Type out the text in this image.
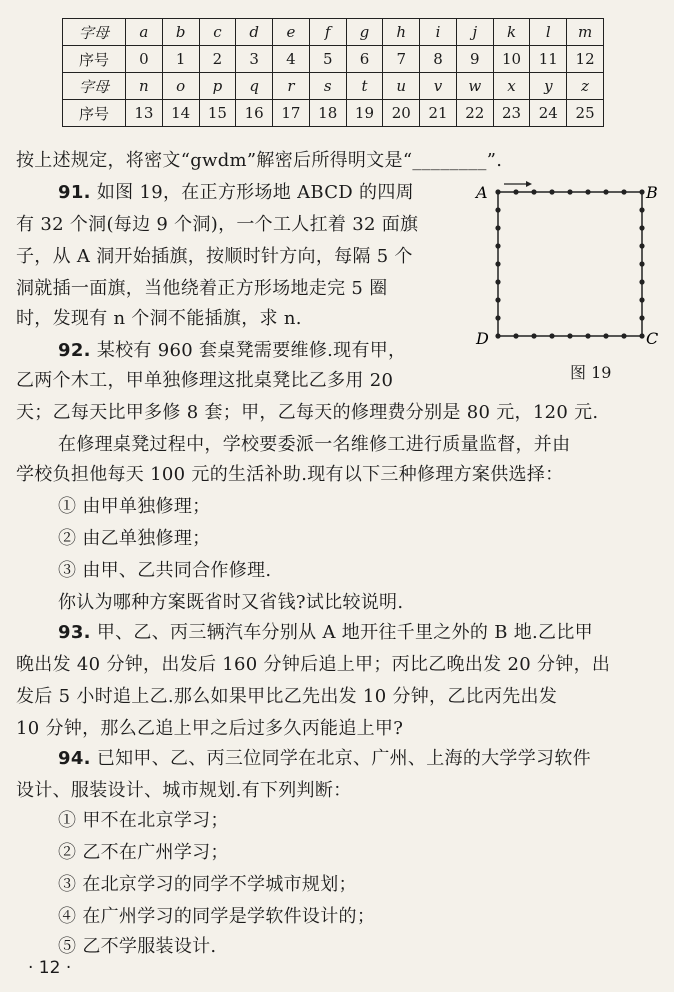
字母	a	b	c	d	e	f	g	h	i	j	k	l	m
序号	0	1	2	3	4	5	6	7	8	9	10	11	12
字母	n	o	p	q	r	s	t	u	v	w	x	y	z
序号	13	14	15	16	17	18	19	20	21	22	23	24	25
按上述规定，将密文“gwdm”解密后所得明文是“________”.
91. 如图 19，在正方形场地 ABCD 的四周
有 32 个洞(每边 9 个洞)，一个工人扛着 32 面旗
子，从 A 洞开始插旗，按顺时针方向，每隔 5 个
洞就插一面旗，当他绕着正方形场地走完 5 圈
时，发现有 n 个洞不能插旗，求 n.
92. 某校有 960 套桌凳需要维修.现有甲，
乙两个木工，甲单独修理这批桌凳比乙多用 20
天；乙每天比甲多修 8 套；甲，乙每天的修理费分别是 80 元，120 元.
在修理桌凳过程中，学校要委派一名维修工进行质量监督，并由
学校负担他每天 100 元的生活补助.现有以下三种修理方案供选择：
① 由甲单独修理；
② 由乙单独修理；
③ 由甲、乙共同合作修理.
你认为哪种方案既省时又省钱?试比较说明.
93. 甲、乙、丙三辆汽车分别从 A 地开往千里之外的 B 地.乙比甲
晚出发 40 分钟，出发后 160 分钟后追上甲；丙比乙晚出发 20 分钟，出
发后 5 小时追上乙.那么如果甲比乙先出发 10 分钟，乙比丙先出发
10 分钟，那么乙追上甲之后过多久丙能追上甲?
94. 已知甲、乙、丙三位同学在北京、广州、上海的大学学习软件
设计、服装设计、城市规划.有下列判断：
① 甲不在北京学习；
② 乙不在广州学习；
③ 在北京学习的同学不学城市规划；
④ 在广州学习的同学是学软件设计的；
⑤ 乙不学服装设计.
A	B
C
D
图 19
· 12 ·
